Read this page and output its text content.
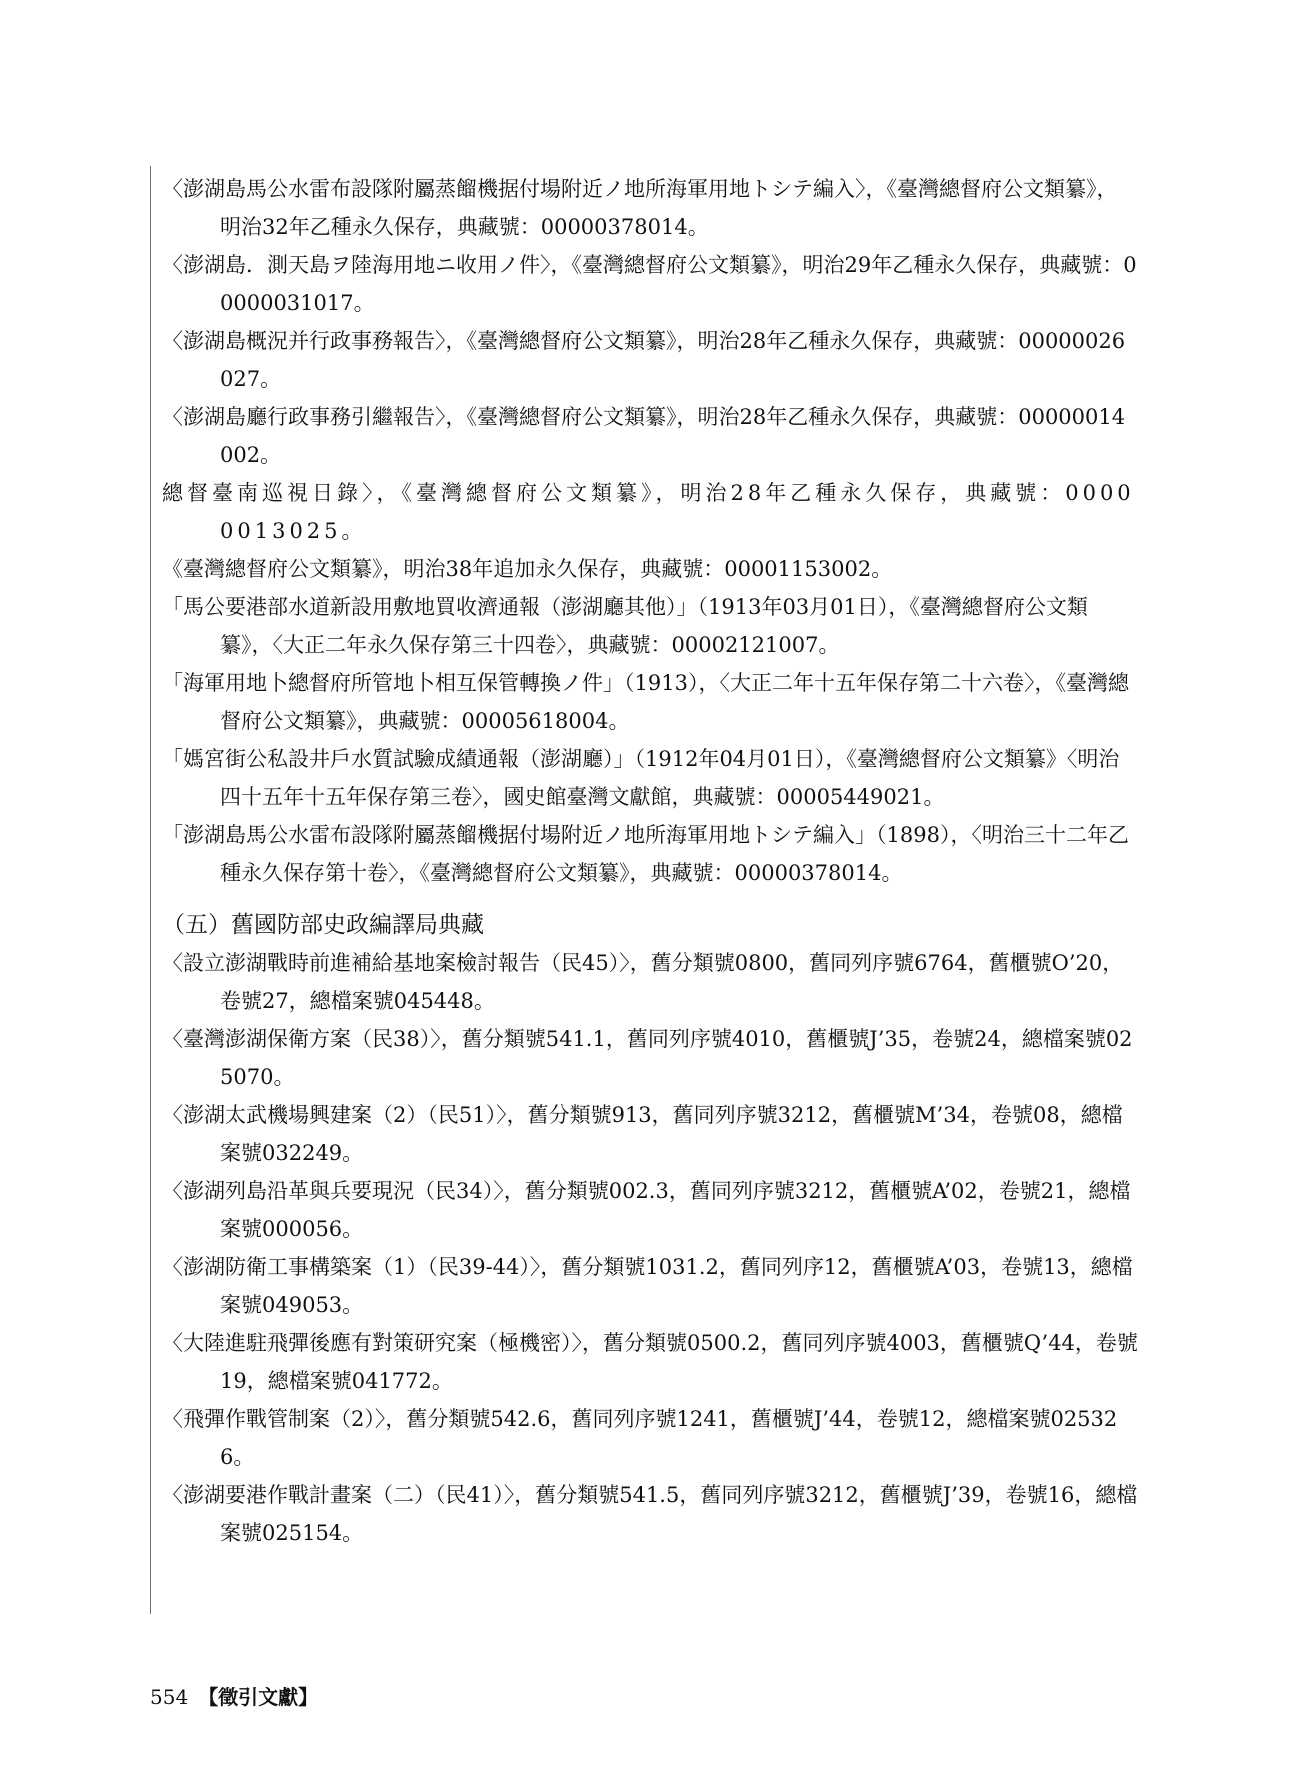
〈澎湖島馬公水雷布設隊附屬蒸餾機据付場附近ノ地所海軍用地トシテ編入〉，《臺灣總督府公文類纂》，明治32年乙種永久保存，典藏號：00000378014。

〈澎湖島．測天島ヲ陸海用地ニ收用ノ件〉，《臺灣總督府公文類纂》，明治29年乙種永久保存，典藏號：00000031017。

〈澎湖島概況并行政事務報告〉，《臺灣總督府公文類纂》，明治28年乙種永久保存，典藏號：00000026027。

〈澎湖島廳行政事務引繼報告〉，《臺灣總督府公文類纂》，明治28年乙種永久保存，典藏號：00000014002。

總督臺南巡視日錄〉，《臺灣總督府公文類纂》，明治28年乙種永久保存，典藏號：00000013025。

《臺灣總督府公文類纂》，明治38年追加永久保存，典藏號：00001153002。

「馬公要港部水道新設用敷地買收濟通報（澎湖廳其他）」（1913年03月01日），《臺灣總督府公文類纂》，〈大正二年永久保存第三十四卷〉，典藏號：00002121007。

「海軍用地卜總督府所管地卜相互保管轉換ノ件」（1913），〈大正二年十五年保存第二十六卷〉，《臺灣總督府公文類纂》，典藏號：00005618004。

「媽宮街公私設井戶水質試驗成績通報（澎湖廳）」（1912年04月01日），《臺灣總督府公文類纂》〈明治四十五年十五年保存第三卷〉，國史館臺灣文獻館，典藏號：00005449021。

「澎湖島馬公水雷布設隊附屬蒸餾機据付場附近ノ地所海軍用地トシテ編入」（1898），〈明治三十二年乙種永久保存第十卷〉，《臺灣總督府公文類纂》，典藏號：00000378014。

（五）舊國防部史政編譯局典藏

〈設立澎湖戰時前進補給基地案檢討報告（民45）〉，舊分類號0800，舊同列序號6764，舊櫃號O’20，卷號27，總檔案號045448。

〈臺灣澎湖保衛方案（民38）〉，舊分類號541.1，舊同列序號4010，舊櫃號J’35，卷號24，總檔案號025070。

〈澎湖太武機場興建案（2）（民51）〉，舊分類號913，舊同列序號3212，舊櫃號M’34，卷號08，總檔案號032249。

〈澎湖列島沿革與兵要現況（民34）〉，舊分類號002.3，舊同列序號3212，舊櫃號A’02，卷號21，總檔案號000056。

〈澎湖防衛工事構築案（1）（民39-44）〉，舊分類號1031.2，舊同列序12，舊櫃號A’03，卷號13，總檔案號049053。

〈大陸進駐飛彈後應有對策研究案（極機密）〉，舊分類號0500.2，舊同列序號4003，舊櫃號Q’44，卷號19，總檔案號041772。

〈飛彈作戰管制案（2）〉，舊分類號542.6，舊同列序號1241，舊櫃號J’44，卷號12，總檔案號025326。

〈澎湖要港作戰計畫案（二）（民41）〉，舊分類號541.5，舊同列序號3212，舊櫃號J’39，卷號16，總檔案號025154。

554 【徵引文獻】
